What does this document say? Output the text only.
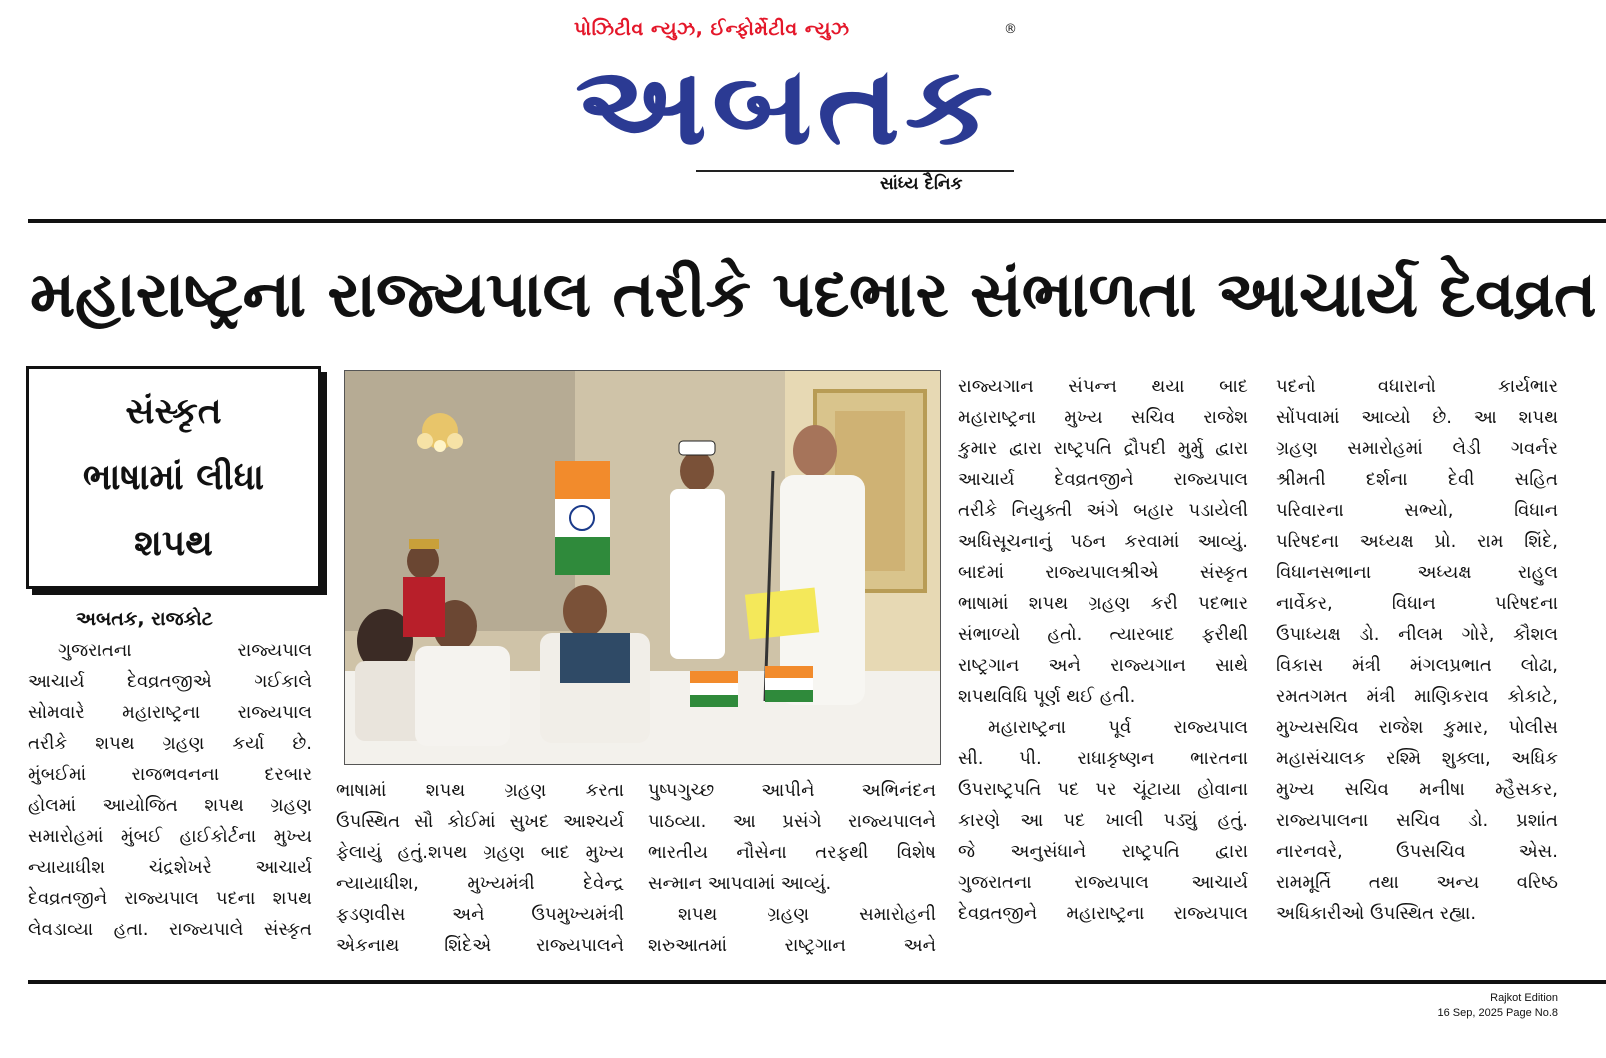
પોઝિટીવ ન્યુઝ, ઈન્ફોર્મેટીવ ન્યુઝ	®
અબતક
સાંધ્ય દૈનિક
મહારાષ્ટ્રના રાજ્યપાલ તરીકે પદભાર સંભાળતા આચાર્ય દેવવ્રત
સંસ્કૃત
ભાષામાં લીધા
શપથ

અબતક, રાજકોટ

ગુજરાતના રાજ્યપાલ

આચાર્ય દેવવ્રતજીએ ગઈકાલે

સોમવારે મહારાષ્ટ્રના રાજ્યપાલ

તરીકે શપથ ગ્રહણ કર્યા છે.

મુંબઈમાં રાજભવનના દરબાર

હોલમાં આયોજિત શપથ ગ્રહણ

સમારોહમાં મુંબઈ હાઈકોર્ટના મુખ્ય

ન્યાયાધીશ ચંદ્રશેખરે આચાર્ય

દેવવ્રતજીને રાજ્યપાલ પદના શપથ

લેવડાવ્યા હતા. રાજ્યપાલે સંસ્કૃત

ભાષામાં શપથ ગ્રહણ કરતા

ઉપસ્થિત સૌ કોઈમાં સુખદ આશ્ચર્ય

ફેલાયું હતું.શપથ ગ્રહણ બાદ મુખ્ય

ન્યાયાધીશ, મુખ્યમંત્રી દેવેન્દ્ર

ફડણવીસ અને ઉપમુખ્યમંત્રી

એકનાથ શિંદેએ રાજ્યપાલને

પુષ્પગુચ્છ આપીને અભિનંદન

પાઠવ્યા. આ પ્રસંગે રાજ્યપાલને

ભારતીય નૌસેના તરફથી વિશેષ

સન્માન આપવામાં આવ્યું.

શપથ ગ્રહણ સમારોહની

શરુઆતમાં રાષ્ટ્રગાન અને

રાજ્યગાન સંપન્ન થયા બાદ

મહારાષ્ટ્રના મુખ્ય સચિવ રાજેશ

કુમાર દ્વારા રાષ્ટ્રપતિ દ્રૌપદી મુર્મુ દ્વારા

આચાર્ય દેવવ્રતજીને રાજ્યપાલ

તરીકે નિયુક્તી અંગે બહાર પડાયેલી

અધિસૂચનાનું પઠન કરવામાં આવ્યું.

બાદમાં રાજ્યપાલશ્રીએ સંસ્કૃત

ભાષામાં શપથ ગ્રહણ કરી પદભાર

સંભાળ્યો હતો. ત્યારબાદ ફરીથી

રાષ્ટ્રગાન અને રાજ્યગાન સાથે

શપથવિધિ પૂર્ણ થઈ હતી.

મહારાષ્ટ્રના પૂર્વ રાજ્યપાલ

સી. પી. રાધાકૃષ્ણન ભારતના

ઉપરાષ્ટ્રપતિ પદ પર ચૂંટાયા હોવાના

કારણે આ પદ ખાલી પડ્યું હતું.

જે અનુસંધાને રાષ્ટ્રપતિ દ્વારા

ગુજરાતના રાજ્યપાલ આચાર્ય

દેવવ્રતજીને મહારાષ્ટ્રના રાજ્યપાલ

પદનો વધારાનો કાર્યભાર

સોંપવામાં આવ્યો છે. આ શપથ

ગ્રહણ સમારોહમાં લેડી ગવર્નર

શ્રીમતી દર્શના દેવી સહિત

પરિવારના સભ્યો, વિધાન

પરિષદના અધ્યક્ષ પ્રો. રામ શિંદે,

વિધાનસભાના અધ્યક્ષ રાહુલ

નાર્વેકર, વિધાન પરિષદના

ઉપાધ્યક્ષ ડો. નીલમ ગોરે, કૌશલ

વિકાસ મંત્રી મંગલપ્રભાત લોઢા,

રમતગમત મંત્રી માણિકરાવ કોકાટે,

મુખ્યસચિવ રાજેશ કુમાર, પોલીસ

મહાસંચાલક રશ્મિ શુક્લા, અધિક

મુખ્ય સચિવ મનીષા મ્હૈસકર,

રાજ્યપાલના સચિવ ડો. પ્રશાંત

નારનવરે, ઉપસચિવ એસ.

રામમૂર્તિ તથા અન્ય વરિષ્ઠ

અધિકારીઓ ઉપસ્થિત રહ્યા.

Rajkot Edition
16 Sep, 2025 Page No.8
